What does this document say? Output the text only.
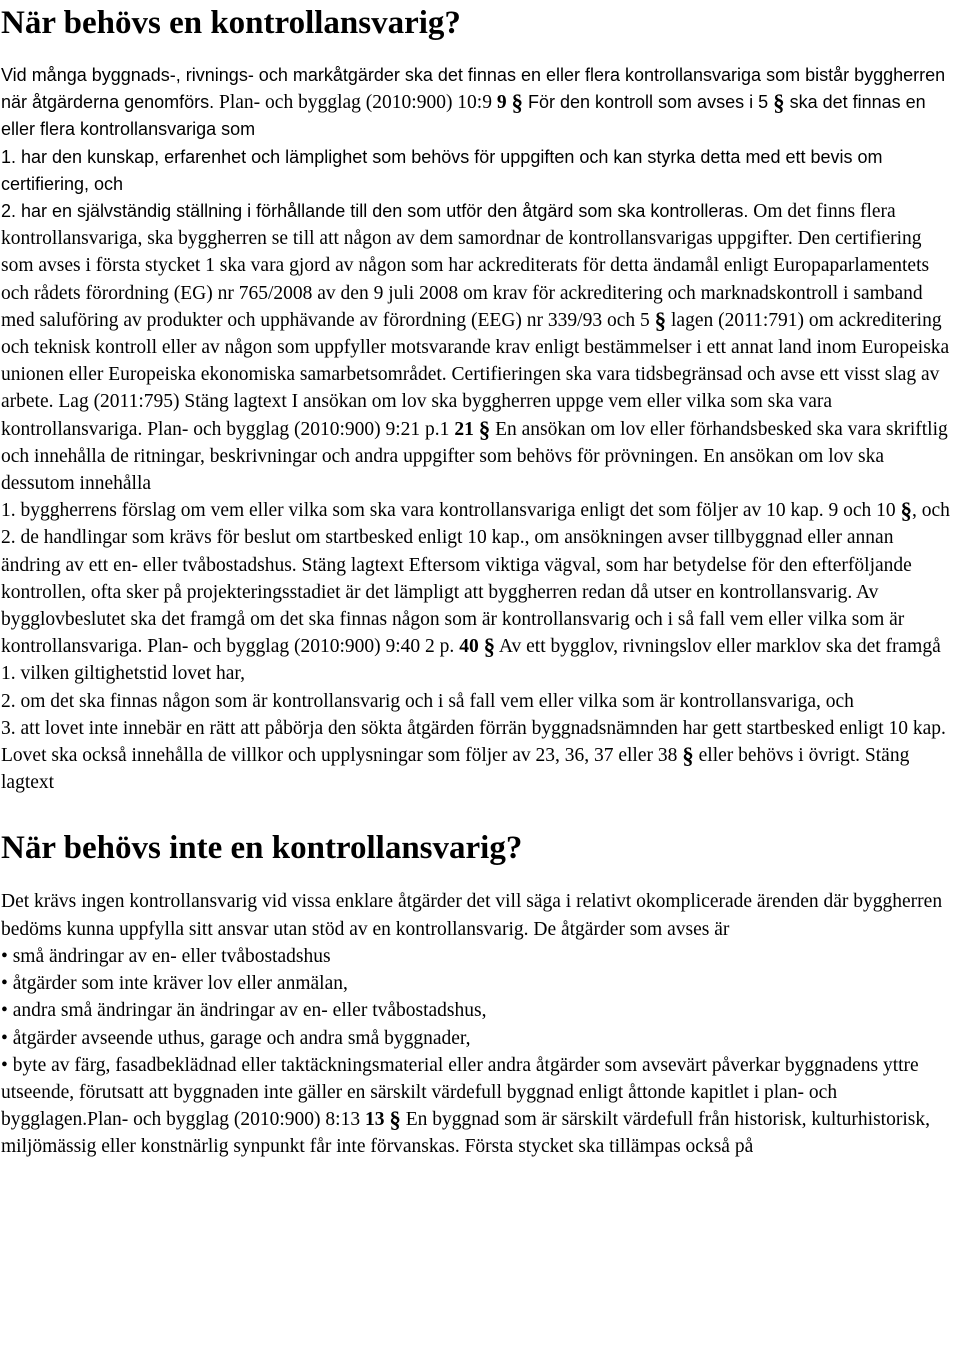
När behövs en kontrollansvarig?
Vid många byggnads-, rivnings- och markåtgärder ska det finnas en eller flera kontrollansvariga som bistår byggherren när åtgärderna genomförs. Plan- och bygglag (2010:900) 10:9 9 § För den kontroll som avses i 5 § ska det finnas en eller flera kontrollansvariga som
1. har den kunskap, erfarenhet och lämplighet som behövs för uppgiften och kan styrka detta med ett bevis om certifiering, och
2. har en självständig ställning i förhållande till den som utför den åtgärd som ska kontrolleras. Om det finns flera kontrollansvariga, ska byggherren se till att någon av dem samordnar de kontrollansvarigas uppgifter. Den certifiering som avses i första stycket 1 ska vara gjord av någon som har ackrediterats för detta ändamål enligt Europaparlamentets och rådets förordning (EG) nr 765/2008 av den 9 juli 2008 om krav för ackreditering och marknadskontroll i samband med saluföring av produkter och upphävande av förordning (EEG) nr 339/93 och 5 § lagen (2011:791) om ackreditering och teknisk kontroll eller av någon som uppfyller motsvarande krav enligt bestämmelser i ett annat land inom Europeiska unionen eller Europeiska ekonomiska samarbetsområdet. Certifieringen ska vara tidsbegränsad och avse ett visst slag av arbete. Lag (2011:795) Stäng lagtext I ansökan om lov ska byggherren uppge vem eller vilka som ska vara kontrollansvariga. Plan- och bygglag (2010:900) 9:21 p.1 21 § En ansökan om lov eller förhandsbesked ska vara skriftlig och innehålla de ritningar, beskrivningar och andra uppgifter som behövs för prövningen. En ansökan om lov ska dessutom innehålla
1. byggherrens förslag om vem eller vilka som ska vara kontrollansvariga enligt det som följer av 10 kap. 9 och 10 §, och
2. de handlingar som krävs för beslut om startbesked enligt 10 kap., om ansökningen avser tillbyggnad eller annan ändring av ett en- eller tvåbostadshus. Stäng lagtext Eftersom viktiga vägval, som har betydelse för den efterföljande kontrollen, ofta sker på projekteringsstadiet är det lämpligt att byggherren redan då utser en kontrollansvarig. Av bygglovbeslutet ska det framgå om det ska finnas någon som är kontrollansvarig och i så fall vem eller vilka som är kontrollansvariga. Plan- och bygglag (2010:900) 9:40 2 p. 40 § Av ett bygglov, rivningslov eller marklov ska det framgå
1. vilken giltighetstid lovet har,
2. om det ska finnas någon som är kontrollansvarig och i så fall vem eller vilka som är kontrollansvariga, och
3. att lovet inte innebär en rätt att påbörja den sökta åtgärden förrän byggnadsnämnden har gett startbesked enligt 10 kap. Lovet ska också innehålla de villkor och upplysningar som följer av 23, 36, 37 eller 38 § eller behövs i övrigt. Stäng lagtext
När behövs inte en kontrollansvarig?
Det krävs ingen kontrollansvarig vid vissa enklare åtgärder det vill säga i relativt okomplicerade ärenden där byggherren bedöms kunna uppfylla sitt ansvar utan stöd av en kontrollansvarig. De åtgärder som avses är
• små ändringar av en- eller tvåbostadshus
• åtgärder som inte kräver lov eller anmälan,
• andra små ändringar än ändringar av en- eller tvåbostadshus,
• åtgärder avseende uthus, garage och andra små byggnader,
• byte av färg, fasadbeklädnad eller taktäckningsmaterial eller andra åtgärder som avsevärt påverkar byggnadens yttre utseende, förutsatt att byggnaden inte gäller en särskilt värdefull byggnad enligt åttonde kapitlet i plan- och bygglagen.Plan- och bygglag (2010:900) 8:13 13 § En byggnad som är särskilt värdefull från historisk, kulturhistorisk, miljömässig eller konstnärlig synpunkt får inte förvanskas. Första stycket ska tillämpas också på
